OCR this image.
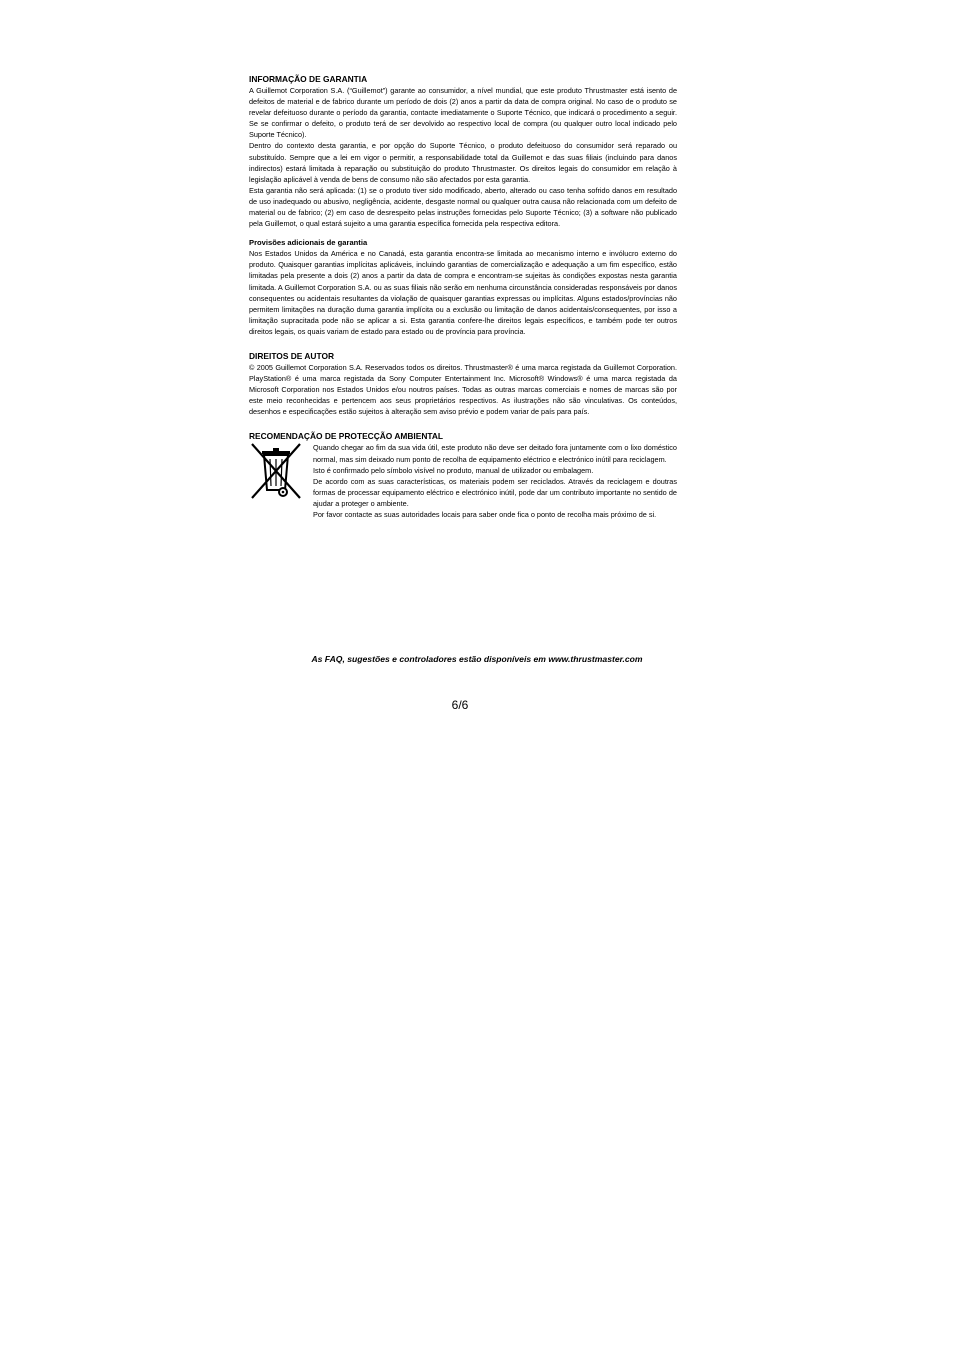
INFORMAÇÃO DE GARANTIA

A Guillemot Corporation S.A. (“Guillemot”) garante ao consumidor, a nível mundial, que este produto Thrustmaster está isento de defeitos de material e de fabrico durante um período de dois (2) anos a partir da data de compra original. No caso de o produto se revelar defeituoso durante o período da garantia, contacte imediatamente o Suporte Técnico, que indicará o procedimento a seguir. Se se confirmar o defeito, o produto terá de ser devolvido ao respectivo local de compra (ou qualquer outro local indicado pelo Suporte Técnico).

Dentro do contexto desta garantia, e por opção do Suporte Técnico, o produto defeituoso do consumidor será reparado ou substituído. Sempre que a lei em vigor o permitir, a responsabilidade total da Guillemot e das suas filiais (incluindo para danos indirectos) estará limitada à reparação ou substituição do produto Thrustmaster. Os direitos legais do consumidor em relação à legislação aplicável à venda de bens de consumo não são afectados por esta garantia.

Esta garantia não será aplicada: (1) se o produto tiver sido modificado, aberto, alterado ou caso tenha sofrido danos em resultado de uso inadequado ou abusivo, negligência, acidente, desgaste normal ou qualquer outra causa não relacionada com um defeito de material ou de fabrico; (2) em caso de desrespeito pelas instruções fornecidas pelo Suporte Técnico; (3) a software não publicado pela Guillemot, o qual estará sujeito a uma garantia específica fornecida pela respectiva editora.

Provisões adicionais de garantia

Nos Estados Unidos da América e no Canadá, esta garantia encontra-se limitada ao mecanismo interno e invólucro externo do produto. Quaisquer garantias implícitas aplicáveis, incluindo garantias de comercialização e adequação a um fim específico, estão limitadas pela presente a dois (2) anos a partir da data de compra e encontram-se sujeitas às condições expostas nesta garantia limitada. A Guillemot Corporation S.A. ou as suas filiais não serão em nenhuma circunstância consideradas responsáveis por danos consequentes ou acidentais resultantes da violação de quaisquer garantias expressas ou implícitas. Alguns estados/províncias não permitem limitações na duração duma garantia implícita ou a exclusão ou limitação de danos acidentais/consequentes, por isso a limitação supracitada pode não se aplicar a si. Esta garantia confere-lhe direitos legais específicos, e também pode ter outros direitos legais, os quais variam de estado para estado ou de província para província.

DIREITOS DE AUTOR

© 2005 Guillemot Corporation S.A. Reservados todos os direitos. Thrustmaster® é uma marca registada da Guillemot Corporation. PlayStation® é uma marca registada da Sony Computer Entertainment Inc. Microsoft® Windows® é uma marca registada da Microsoft Corporation nos Estados Unidos e/ou noutros países. Todas as outras marcas comerciais e nomes de marcas são por este meio reconhecidas e pertencem aos seus proprietários respectivos. As ilustrações não são vinculativas. Os conteúdos, desenhos e especificações estão sujeitos à alteração sem aviso prévio e podem variar de país para país.

RECOMENDAÇÃO DE PROTECÇÃO AMBIENTAL

Quando chegar ao fim da sua vida útil, este produto não deve ser deitado fora juntamente com o lixo doméstico normal, mas sim deixado num ponto de recolha de equipamento eléctrico e electrónico inútil para reciclagem.

Isto é confirmado pelo símbolo visível no produto, manual de utilizador ou embalagem.

De acordo com as suas características, os materiais podem ser reciclados. Através da reciclagem e doutras formas de processar equipamento eléctrico e electrónico inútil, pode dar um contributo importante no sentido de ajudar a proteger o ambiente.

Por favor contacte as suas autoridades locais para saber onde fica o ponto de recolha mais próximo de si.

As FAQ, sugestões e controladores estão disponíveis em www.thrustmaster.com
6/6
